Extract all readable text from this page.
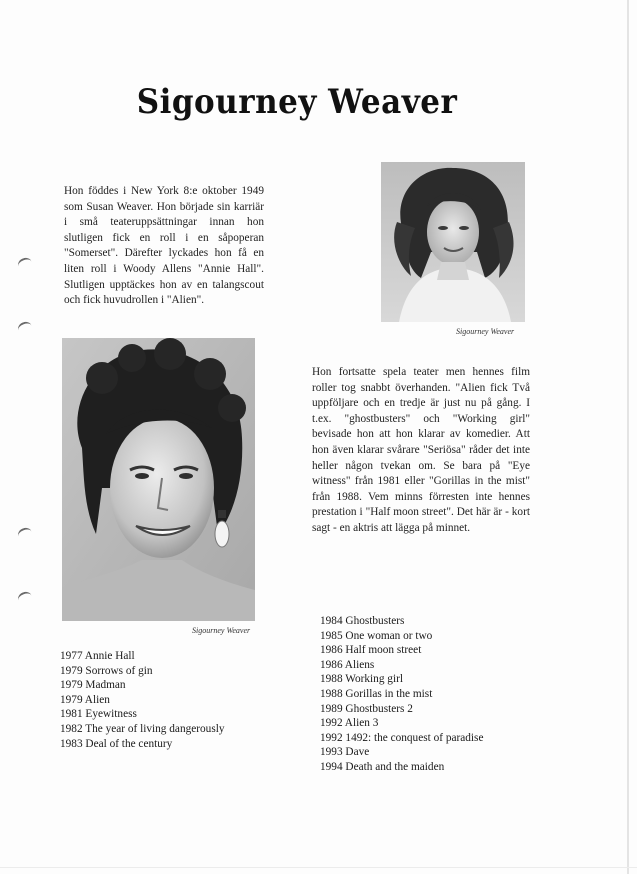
Sigourney Weaver
Hon föddes i New York 8:e oktober 1949 som Susan Weaver. Hon började sin karriär i små teateruppsättningar innan hon slutligen fick en roll i en såpoperan "Somerset". Därefter lyckades hon få en liten roll i Woody Allens "Annie Hall". Slutligen upptäckes hon av en talangscout och fick huvudrollen i "Alien".
Sigourney Weaver
Sigourney Weaver
Hon fortsatte spela teater men hennes film roller tog snabbt överhanden. "Alien fick Två uppföljare och en tredje är just nu på gång. I t.ex. "ghostbusters" och "Working girl" bevisade hon att hon klarar av komedier. Att hon även klarar svårare "Seriösa" råder det inte heller någon tvekan om. Se bara på "Eye witness" från 1981 eller "Gorillas in the mist" från 1988. Vem minns förresten inte hennes prestation i "Half moon street". Det här är - kort sagt - en aktris att lägga på minnet.
1977 Annie Hall
1979 Sorrows of gin
1979 Madman
1979 Alien
1981 Eyewitness
1982 The year of living dangerously
1983 Deal of the century
1984 Ghostbusters
1985 One woman or two
1986 Half moon street
1986 Aliens
1988 Working girl
1988 Gorillas in the mist
1989 Ghostbusters 2
1992 Alien 3
1992 1492: the conquest of paradise
1993 Dave
1994 Death and the maiden
